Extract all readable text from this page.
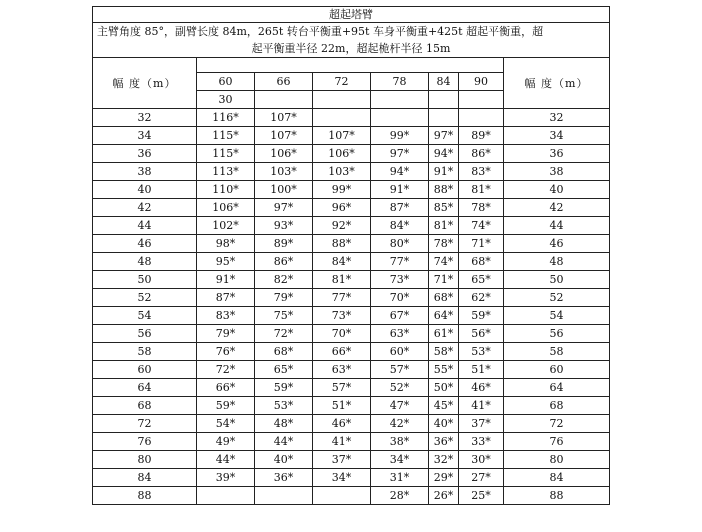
超起塔臂								
主臂角度 85°，副臂长度 84m，265t 转台平衡重+95t 车身平衡重+425t 超起平衡重，超
起平衡重半径 22m，超起桅杆半径 15m								

幅 度（m）							幅 度（m）	
	60	66	72	78	84	90		
	30							
32	116*	107*					32	
34	115*	107*	107*	99*	97*	89*	34	
36	115*	106*	106*	97*	94*	86*	36	
38	113*	103*	103*	94*	91*	83*	38	
40	110*	100*	99*	91*	88*	81*	40	
42	106*	97*	96*	87*	85*	78*	42	
44	102*	93*	92*	84*	81*	74*	44	
46	98*	89*	88*	80*	78*	71*	46	
48	95*	86*	84*	77*	74*	68*	48	
50	91*	82*	81*	73*	71*	65*	50	
52	87*	79*	77*	70*	68*	62*	52	
54	83*	75*	73*	67*	64*	59*	54	
56	79*	72*	70*	63*	61*	56*	56	
58	76*	68*	66*	60*	58*	53*	58	
60	72*	65*	63*	57*	55*	51*	60	
64	66*	59*	57*	52*	50*	46*	64	
68	59*	53*	51*	47*	45*	41*	68	
72	54*	48*	46*	42*	40*	37*	72	
76	49*	44*	41*	38*	36*	33*	76	
80	44*	40*	37*	34*	32*	30*	80	
84	39*	36*	34*	31*	29*	27*	84	
88				28*	26*	25*	88	
